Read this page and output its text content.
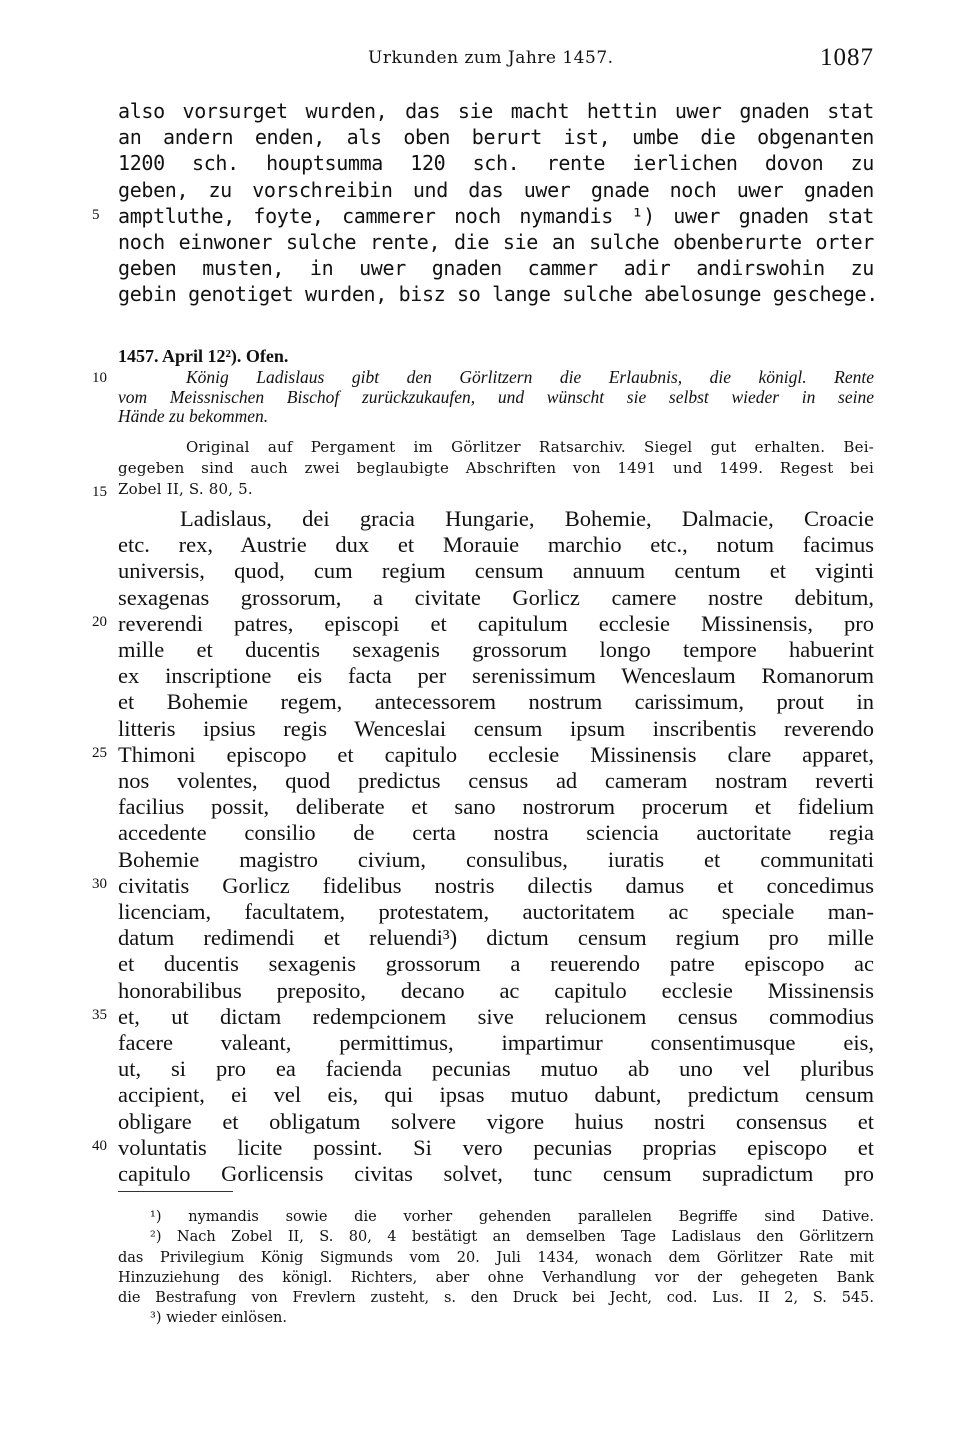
Urkunden zum Jahre 1457.	1087
also vorsurget wurden, das sie macht hettin uwer gnaden stat
an andern enden, als oben berurt ist, umbe die obgenanten
1200 sch. houptsumma 120 sch. rente ierlichen dovon zu
geben, zu vorschreibin und das uwer gnade noch uwer gnaden
amptluthe, foyte, cammerer noch nymandis ¹) uwer gnaden stat
noch einwoner sulche rente, die sie an sulche obenberurte orter
geben musten, in uwer gnaden cammer adir andirswohin zu
gebin genotiget wurden, bisz so lange sulche abelosunge geschege.
1457. April 12²). Ofen.
König Ladislaus gibt den Görlitzern die Erlaubnis, die königl. Rente
vom Meissnischen Bischof zurückzukaufen, und wünscht sie selbst wieder in seine
Hände zu bekommen.
Original auf Pergament im Görlitzer Ratsarchiv. Siegel gut erhalten. Bei-
gegeben sind auch zwei beglaubigte Abschriften von 1491 und 1499. Regest bei
Zobel II, S. 80, 5.
Ladislaus, dei gracia Hungarie, Bohemie, Dalmacie, Croacie
etc. rex, Austrie dux et Morauie marchio etc., notum facimus
universis, quod, cum regium censum annuum centum et viginti
sexagenas grossorum, a civitate Gorlicz camere nostre debitum,
reverendi patres, episcopi et capitulum ecclesie Missinensis, pro
mille et ducentis sexagenis grossorum longo tempore habuerint
ex inscriptione eis facta per serenissimum Wenceslaum Romanorum
et Bohemie regem, antecessorem nostrum carissimum, prout in
litteris ipsius regis Wenceslai censum ipsum inscribentis reverendo
Thimoni episcopo et capitulo ecclesie Missinensis clare apparet,
nos volentes, quod predictus census ad cameram nostram reverti
facilius possit, deliberate et sano nostrorum procerum et fidelium
accedente consilio de certa nostra sciencia auctoritate regia
Bohemie magistro civium, consulibus, iuratis et communitati
civitatis Gorlicz fidelibus nostris dilectis damus et concedimus
licenciam, facultatem, protestatem, auctoritatem ac speciale man-
datum redimendi et reluendi³) dictum censum regium pro mille
et ducentis sexagenis grossorum a reuerendo patre episcopo ac
honorabilibus preposito, decano ac capitulo ecclesie Missinensis
et, ut dictam redempcionem sive relucionem census commodius
facere valeant, permittimus, impartimur consentimusque eis,
ut, si pro ea facienda pecunias mutuo ab uno vel pluribus
accipient, ei vel eis, qui ipsas mutuo dabunt, predictum censum
obligare et obligatum solvere vigore huius nostri consensus et
voluntatis licite possint. Si vero pecunias proprias episcopo et
capitulo Gorlicensis civitas solvet, tunc censum supradictum pro
¹) nymandis sowie die vorher gehenden parallelen Begriffe sind Dative.
²) Nach Zobel II, S. 80, 4 bestätigt an demselben Tage Ladislaus den Görlitzern
das Privilegium König Sigmunds vom 20. Juli 1434, wonach dem Görlitzer Rate mit
Hinzuziehung des königl. Richters, aber ohne Verhandlung vor der gehegeten Bank
die Bestrafung von Frevlern zusteht, s. den Druck bei Jecht, cod. Lus. II 2, S. 545.
³) wieder einlösen.
5
10
15
20
25
30
35
40
